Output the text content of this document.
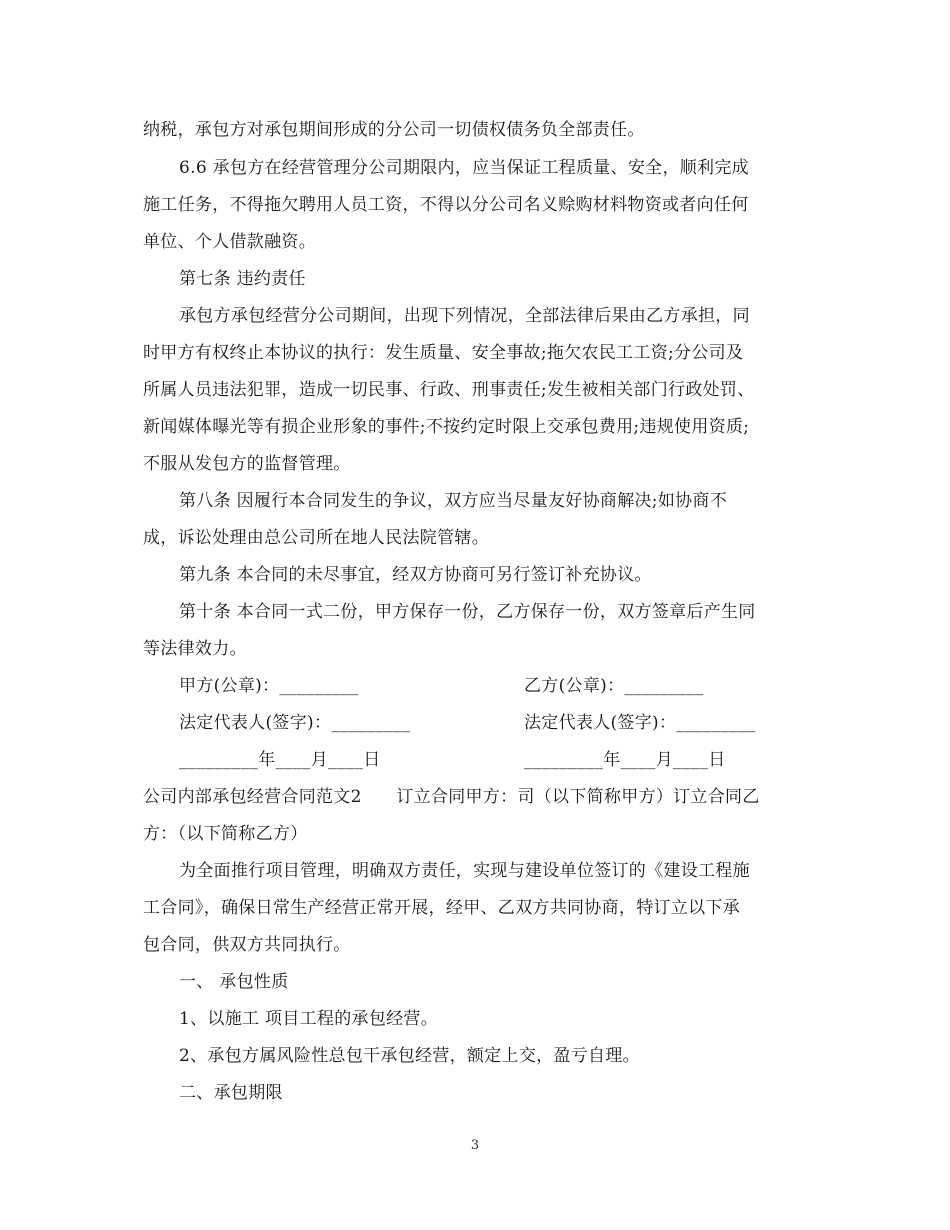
纳税，承包方对承包期间形成的分公司一切债权债务负全部责任。
6.6 承包方在经营管理分公司期限内，应当保证工程质量、安全，顺利完成
施工任务，不得拖欠聘用人员工资，不得以分公司名义赊购材料物资或者向任何
单位、个人借款融资。
第七条 违约责任
承包方承包经营分公司期间，出现下列情况，全部法律后果由乙方承担，同
时甲方有权终止本协议的执行：发生质量、安全事故;拖欠农民工工资;分公司及
所属人员违法犯罪，造成一切民事、行政、刑事责任;发生被相关部门行政处罚、
新闻媒体曝光等有损企业形象的事件;不按约定时限上交承包费用;违规使用资质;
不服从发包方的监督管理。
第八条 因履行本合同发生的争议，双方应当尽量友好协商解决;如协商不
成，诉讼处理由总公司所在地人民法院管辖。
第九条 本合同的未尽事宜，经双方协商可另行签订补充协议。
第十条 本合同一式二份，甲方保存一份，乙方保存一份，双方签章后产生同
等法律效力。
甲方(公章)：_________	乙方(公章)：_________
法定代表人(签字)：_________	法定代表人(签字)：_________
_________年____月____日	_________年____月____日
公司内部承包经营合同范文2　　订立合同甲方：司（以下简称甲方）订立合同乙
方：（以下简称乙方）
为全面推行项目管理，明确双方责任，实现与建设单位签订的《建设工程施
工合同》，确保日常生产经营正常开展，经甲、乙双方共同协商，特订立以下承
包合同，供双方共同执行。
一、 承包性质
1、以施工 项目工程的承包经营。
2、承包方属风险性总包干承包经营，额定上交，盈亏自理。
二、承包期限
3
